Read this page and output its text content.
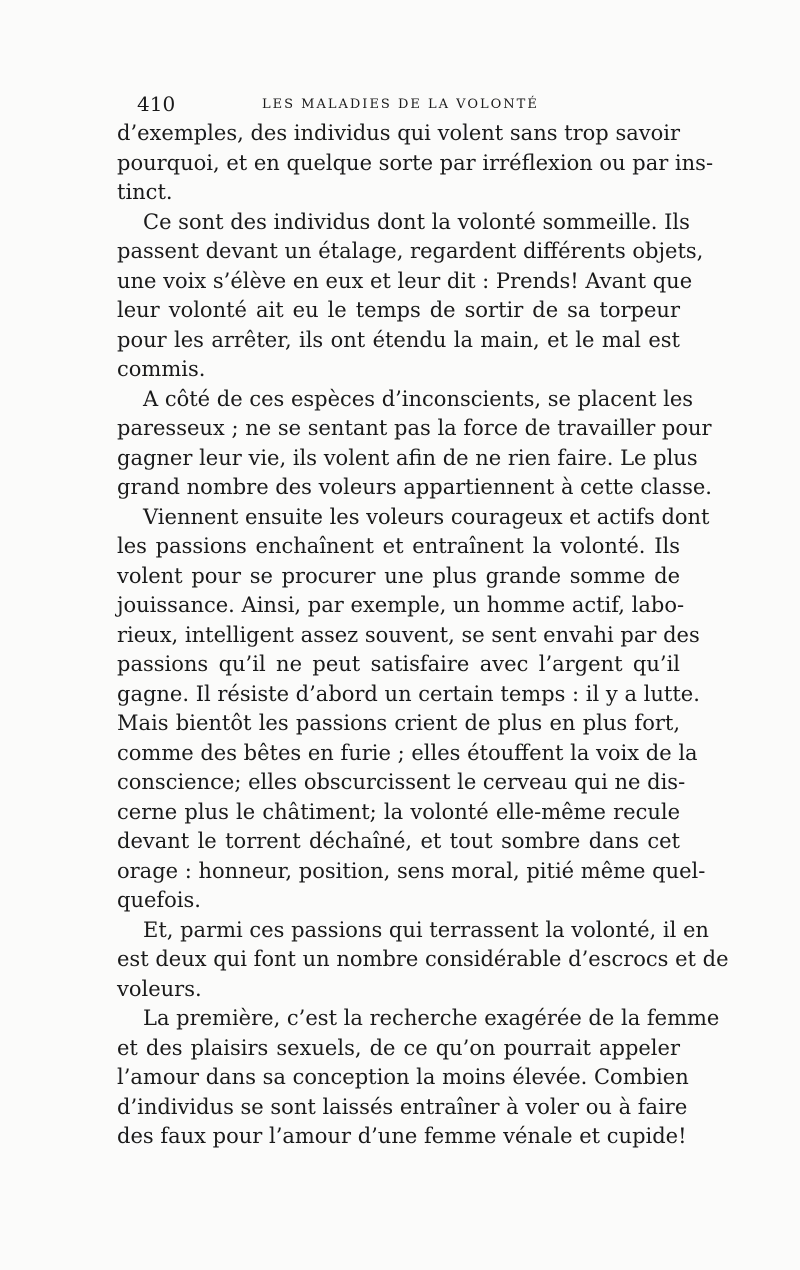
410	LES MALADIES DE LA VOLONTÉ
d’exemples, des individus qui volent sans trop savoir
pourquoi, et en quelque sorte par irréflexion ou par ins-
tinct.
Ce sont des individus dont la volonté sommeille. Ils
passent devant un étalage, regardent différents objets,
une voix s’élève en eux et leur dit : Prends! Avant que
leur volonté ait eu le temps de sortir de sa torpeur
pour les arrêter, ils ont étendu la main, et le mal est
commis.
A côté de ces espèces d’inconscients, se placent les
paresseux ; ne se sentant pas la force de travailler pour
gagner leur vie, ils volent afin de ne rien faire. Le plus
grand nombre des voleurs appartiennent à cette classe.
Viennent ensuite les voleurs courageux et actifs dont
les passions enchaînent et entraînent la volonté. Ils
volent pour se procurer une plus grande somme de
jouissance. Ainsi, par exemple, un homme actif, labo-
rieux, intelligent assez souvent, se sent envahi par des
passions qu’il ne peut satisfaire avec l’argent qu’il
gagne. Il résiste d’abord un certain temps : il y a lutte.
Mais bientôt les passions crient de plus en plus fort,
comme des bêtes en furie ; elles étouffent la voix de la
conscience; elles obscurcissent le cerveau qui ne dis-
cerne plus le châtiment; la volonté elle-même recule
devant le torrent déchaîné, et tout sombre dans cet
orage : honneur, position, sens moral, pitié même quel-
quefois.
Et, parmi ces passions qui terrassent la volonté, il en
est deux qui font un nombre considérable d’escrocs et de
voleurs.
La première, c’est la recherche exagérée de la femme
et des plaisirs sexuels, de ce qu’on pourrait appeler
l’amour dans sa conception la moins élevée. Combien
d’individus se sont laissés entraîner à voler ou à faire
des faux pour l’amour d’une femme vénale et cupide!
